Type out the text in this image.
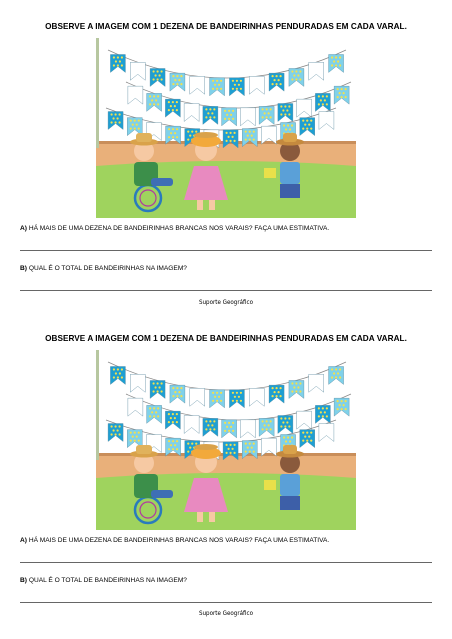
OBSERVE A IMAGEM COM 1 DEZENA DE BANDEIRINHAS PENDURADAS EM CADA VARAL.
A) HÁ MAIS DE UMA DEZENA DE BANDEIRINHAS BRANCAS NOS VARAIS? FAÇA UMA ESTIMATIVA.
B) QUAL É O TOTAL DE BANDEIRINHAS NA IMAGEM?
Suporte Geográfico
OBSERVE A IMAGEM COM 1 DEZENA DE BANDEIRINHAS PENDURADAS EM CADA VARAL.
A) HÁ MAIS DE UMA DEZENA DE BANDEIRINHAS BRANCAS NOS VARAIS? FAÇA UMA ESTIMATIVA.
B) QUAL É O TOTAL DE BANDEIRINHAS NA IMAGEM?
Suporte Geográfico
